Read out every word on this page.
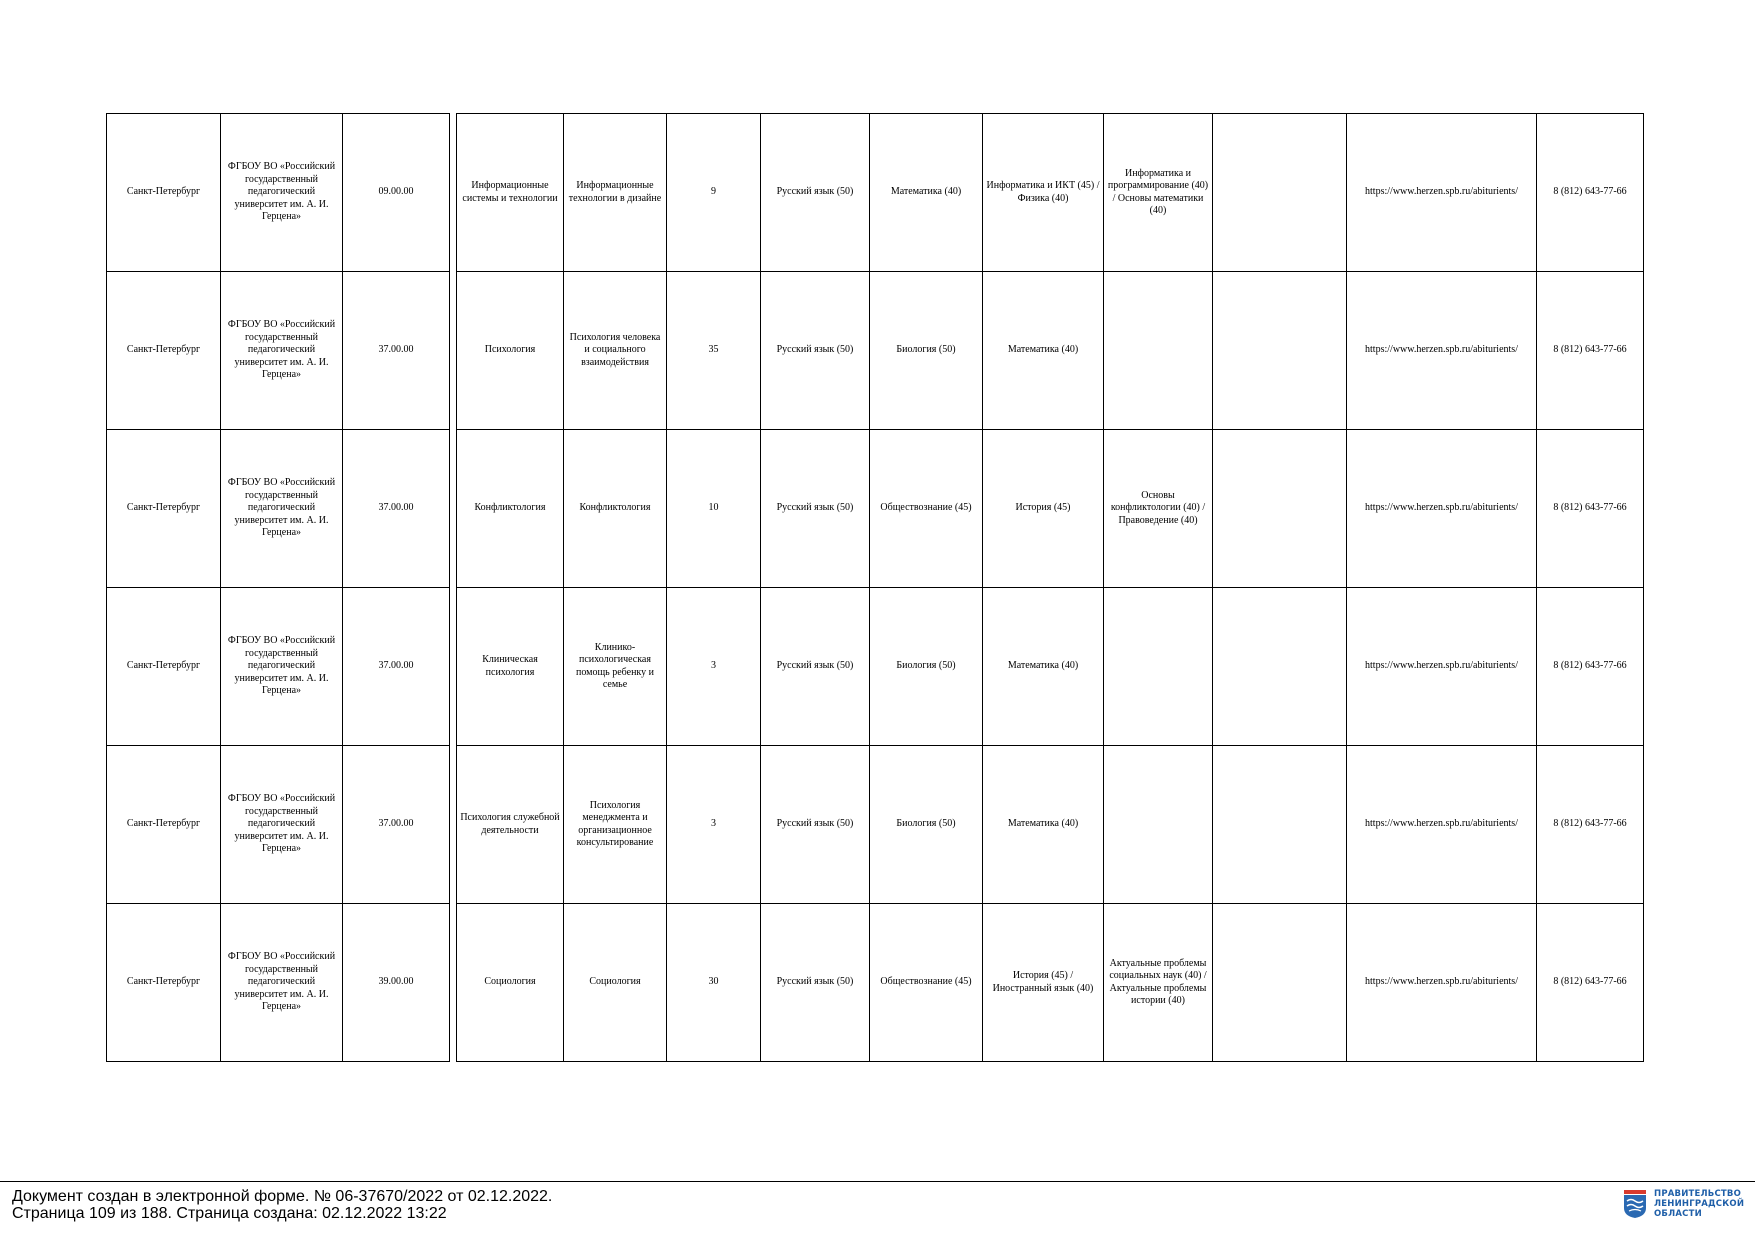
Санкт-Петербург	ФГБОУ ВО «Российский государственный педагогический университет им. А. И. Герцена»	09.00.00		Информационные системы и технологии	Информационные технологии в дизайне	9	Русский язык (50)	Математика (40)	Информатика и ИКТ (45) / Физика (40)	Информатика и программирование (40) / Основы математики (40)		https://www.herzen.spb.ru/abiturients/	8 (812) 643-77-66
Санкт-Петербург	ФГБОУ ВО «Российский государственный педагогический университет им. А. И. Герцена»	37.00.00		Психология	Психология человека и социального взаимодействия	35	Русский язык (50)	Биология (50)	Математика (40)			https://www.herzen.spb.ru/abiturients/	8 (812) 643-77-66
Санкт-Петербург	ФГБОУ ВО «Российский государственный педагогический университет им. А. И. Герцена»	37.00.00		Конфликтология	Конфликтология	10	Русский язык (50)	Обществознание (45)	История (45)	Основы конфликтологии (40) / Правоведение (40)		https://www.herzen.spb.ru/abiturients/	8 (812) 643-77-66
Санкт-Петербург	ФГБОУ ВО «Российский государственный педагогический университет им. А. И. Герцена»	37.00.00		Клиническая психология	Клинико-психологическая помощь ребенку и семье	3	Русский язык (50)	Биология (50)	Математика (40)			https://www.herzen.spb.ru/abiturients/	8 (812) 643-77-66
Санкт-Петербург	ФГБОУ ВО «Российский государственный педагогический университет им. А. И. Герцена»	37.00.00		Психология служебной деятельности	Психология менеджмента и организационное консультирование	3	Русский язык (50)	Биология (50)	Математика (40)			https://www.herzen.spb.ru/abiturients/	8 (812) 643-77-66
Санкт-Петербург	ФГБОУ ВО «Российский государственный педагогический университет им. А. И. Герцена»	39.00.00		Социология	Социология	30	Русский язык (50)	Обществознание (45)	История (45) / Иностранный язык (40)	Актуальные проблемы социальных наук (40) / Актуальные проблемы истории (40)		https://www.herzen.spb.ru/abiturients/	8 (812) 643-77-66
Документ создан в электронной форме. № 06-37670/2022 от 02.12.2022.
Страница 109 из 188. Страница создана: 02.12.2022 13:22
ПРАВИТЕЛЬСТВО
ЛЕНИНГРАДСКОЙ
ОБЛАСТИ
